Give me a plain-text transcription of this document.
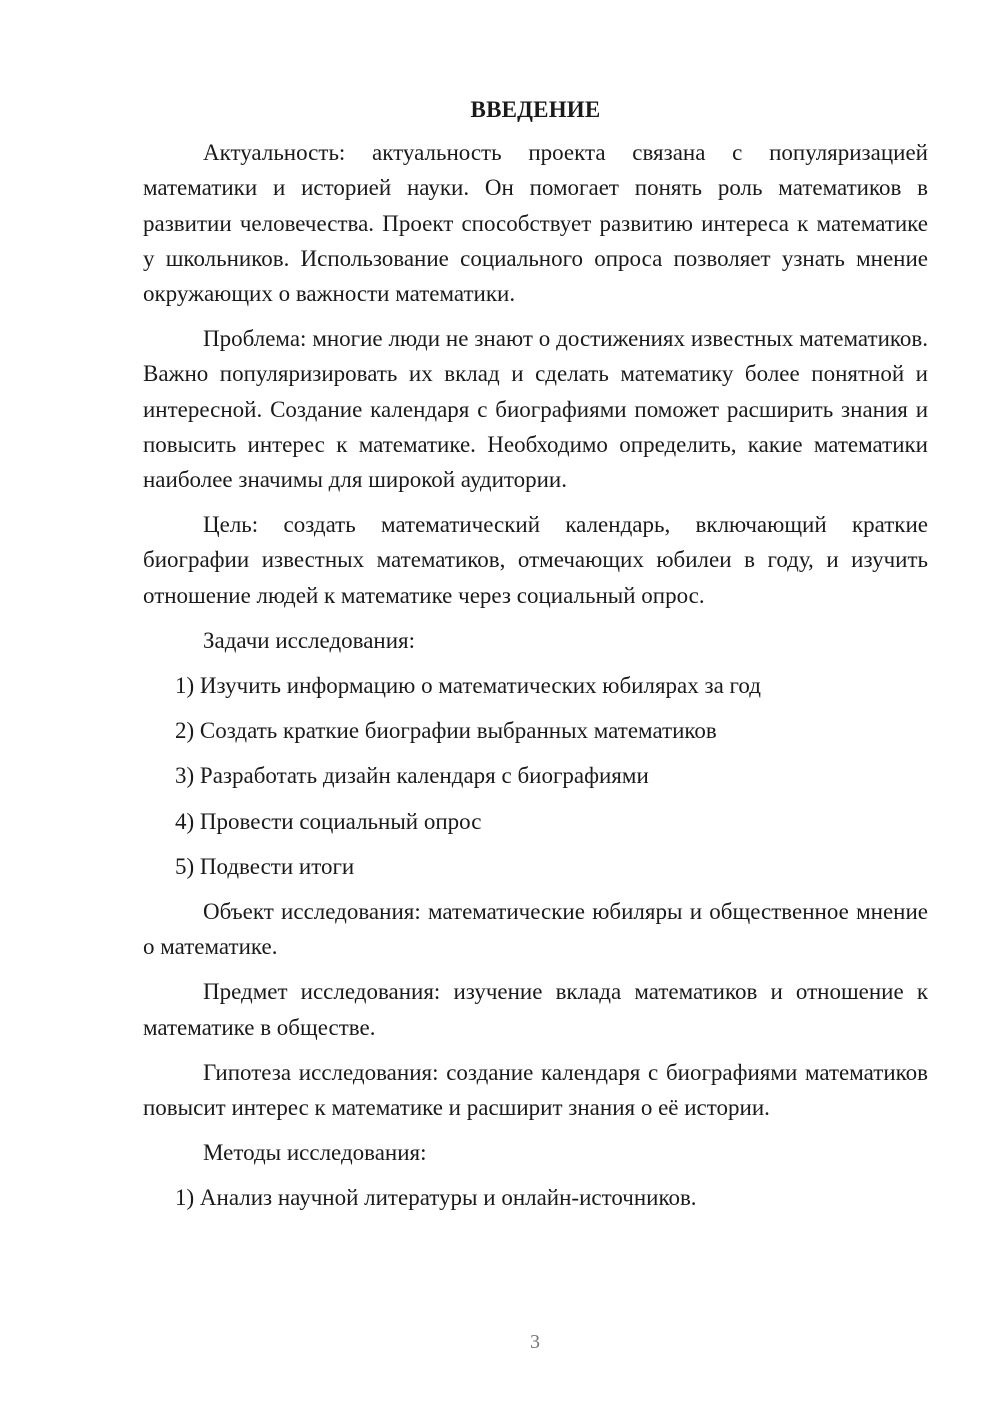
ВВЕДЕНИЕ

Актуальность: актуальность проекта связана с популяризацией математики и историей науки. Он помогает понять роль математиков в развитии человечества. Проект способствует развитию интереса к математике у школьников. Использование социального опроса позволяет узнать мнение окружающих о важности математики.

Проблема: многие люди не знают о достижениях известных математиков. Важно популяризировать их вклад и сделать математику более понятной и интересной. Создание календаря с биографиями поможет расширить знания и повысить интерес к математике. Необходимо определить, какие математики наиболее значимы для широкой аудитории.

Цель: создать математический календарь, включающий краткие биографии известных математиков, отмечающих юбилеи в году, и изучить отношение людей к математике через социальный опрос.

Задачи исследования:

1) Изучить информацию о математических юбилярах за год
2) Создать краткие биографии выбранных математиков
3) Разработать дизайн календаря с биографиями
4) Провести социальный опрос
5) Подвести итоги

Объект исследования: математические юбиляры и общественное мнение о математике.

Предмет исследования: изучение вклада математиков и отношение к математике в обществе.

Гипотеза исследования: создание календаря с биографиями математиков повысит интерес к математике и расширит знания о её истории.

Методы исследования:

1) Анализ научной литературы и онлайн-источников.
3
